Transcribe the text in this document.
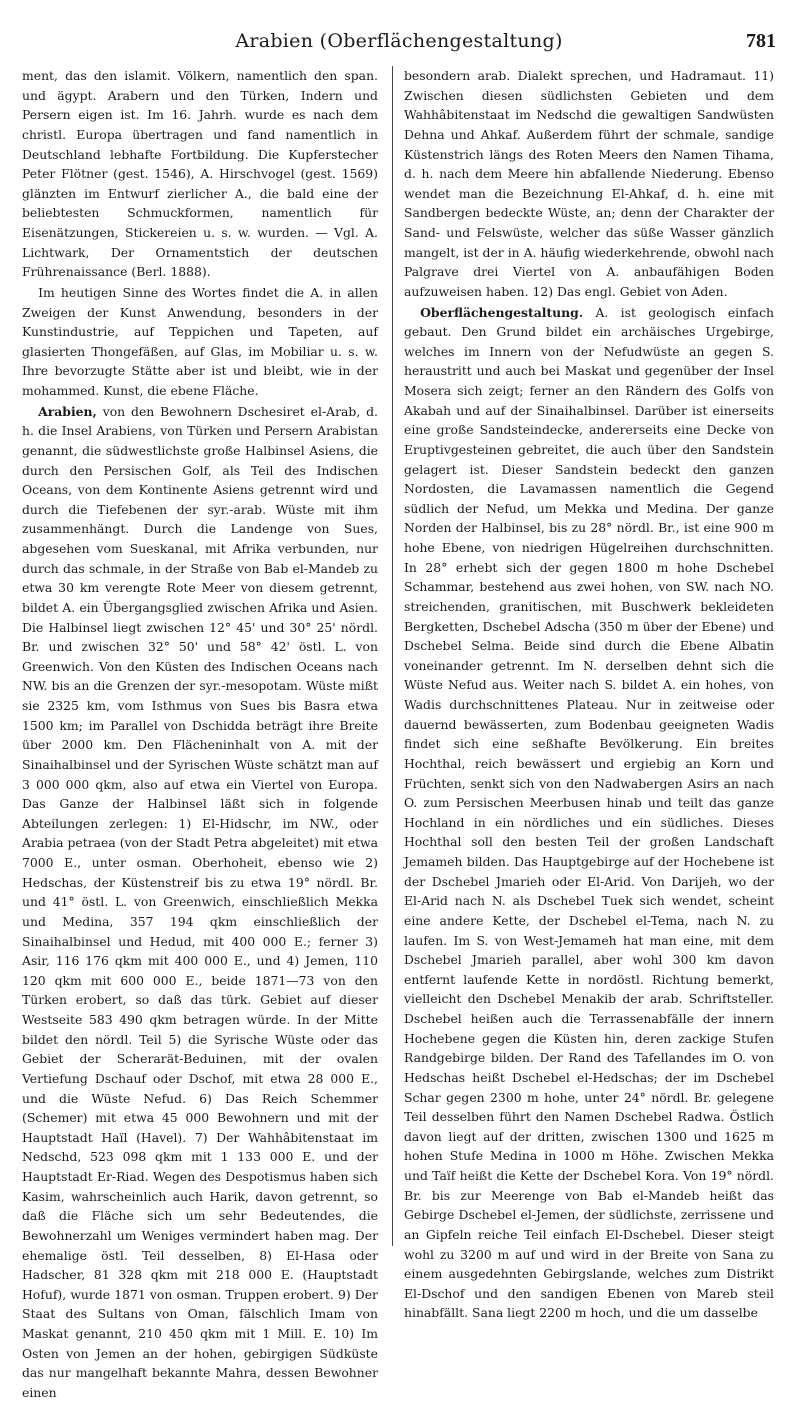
Arabien (Oberflächengestaltung)	781

ment, das den islamit. Völkern, namentlich den span. und ägypt. Arabern und den Türken, Indern und Persern eigen ist. Im 16. Jahrh. wurde es nach dem christl. Europa übertragen und fand namentlich in Deutschland lebhafte Fortbildung. Die Kupferstecher Peter Flötner (gest. 1546), A. Hirschvogel (gest. 1569) glänzten im Entwurf zierlicher A., die bald eine der beliebtesten Schmuckformen, namentlich für Eisenätzungen, Stickereien u. s. w. wurden. — Vgl. A. Lichtwark, Der Ornamentstich der deutschen Frührenaissance (Berl. 1888).

Im heutigen Sinne des Wortes findet die A. in allen Zweigen der Kunst Anwendung, besonders in der Kunstindustrie, auf Teppichen und Tapeten, auf glasierten Thongefäßen, auf Glas, im Mobiliar u. s. w. Ihre bevorzugte Stätte aber ist und bleibt, wie in der mohammed. Kunst, die ebene Fläche.

Arabien, von den Bewohnern Dschesiret el-Arab, d. h. die Insel Arabiens, von Türken und Persern Arabistan genannt, die südwestlichste große Halbinsel Asiens, die durch den Persischen Golf, als Teil des Indischen Oceans, von dem Kontinente Asiens getrennt wird und durch die Tiefebenen der syr.-arab. Wüste mit ihm zusammenhängt. Durch die Landenge von Sues, abgesehen vom Sueskanal, mit Afrika verbunden, nur durch das schmale, in der Straße von Bab el-Mandeb zu etwa 30 km verengte Rote Meer von diesem getrennt, bildet A. ein Übergangsglied zwischen Afrika und Asien. Die Halbinsel liegt zwischen 12° 45' und 30° 25' nördl. Br. und zwischen 32° 50' und 58° 42' östl. L. von Greenwich. Von den Küsten des Indischen Oceans nach NW. bis an die Grenzen der syr.-mesopotam. Wüste mißt sie 2325 km, vom Isthmus von Sues bis Basra etwa 1500 km; im Parallel von Dschidda beträgt ihre Breite über 2000 km. Den Flächeninhalt von A. mit der Sinaihalbinsel und der Syrischen Wüste schätzt man auf 3 000 000 qkm, also auf etwa ein Viertel von Europa. Das Ganze der Halbinsel läßt sich in folgende Abteilungen zerlegen: 1) El-Hidschr, im NW., oder Arabia petraea (von der Stadt Petra abgeleitet) mit etwa 7000 E., unter osman. Oberhoheit, ebenso wie 2) Hedschas, der Küstenstreif bis zu etwa 19° nördl. Br. und 41° östl. L. von Greenwich, einschließlich Mekka und Medina, 357 194 qkm einschließlich der Sinaihalbinsel und Hedud, mit 400 000 E.; ferner 3) Asir, 116 176 qkm mit 400 000 E., und 4) Jemen, 110 120 qkm mit 600 000 E., beide 1871—73 von den Türken erobert, so daß das türk. Gebiet auf dieser Westseite 583 490 qkm betragen würde. In der Mitte bildet den nördl. Teil 5) die Syrische Wüste oder das Gebiet der Scherarät-Beduinen, mit der ovalen Vertiefung Dschauf oder Dschof, mit etwa 28 000 E., und die Wüste Nefud. 6) Das Reich Schemmer (Schemer) mit etwa 45 000 Bewohnern und mit der Hauptstadt Haïl (Havel). 7) Der Wahhâbitenstaat im Nedschd, 523 098 qkm mit 1 133 000 E. und der Hauptstadt Er-Riad. Wegen des Despotismus haben sich Kasim, wahrscheinlich auch Harik, davon getrennt, so daß die Fläche sich um sehr Bedeutendes, die Bewohnerzahl um Weniges vermindert haben mag. Der ehemalige östl. Teil desselben, 8) El-Hasa oder Hadscher, 81 328 qkm mit 218 000 E. (Hauptstadt Hofuf), wurde 1871 von osman. Truppen erobert. 9) Der Staat des Sultans von Oman, fälschlich Imam von Maskat genannt, 210 450 qkm mit 1 Mill. E. 10) Im Osten von Jemen an der hohen, gebirgigen Südküste das nur mangelhaft bekannte Mahra, dessen Bewohner einen

besondern arab. Dialekt sprechen, und Hadramaut. 11) Zwischen diesen südlichsten Gebieten und dem Wahhâbitenstaat im Nedschd die gewaltigen Sandwüsten Dehna und Ahkaf. Außerdem führt der schmale, sandige Küstenstrich längs des Roten Meers den Namen Tihama, d. h. nach dem Meere hin abfallende Niederung. Ebenso wendet man die Bezeichnung El-Ahkaf, d. h. eine mit Sandbergen bedeckte Wüste, an; denn der Charakter der Sand- und Felswüste, welcher das süße Wasser gänzlich mangelt, ist der in A. häufig wiederkehrende, obwohl nach Palgrave drei Viertel von A. anbaufähigen Boden aufzuweisen haben. 12) Das engl. Gebiet von Aden.

Oberflächengestaltung. A. ist geologisch einfach gebaut. Den Grund bildet ein archäisches Urgebirge, welches im Innern von der Nefudwüste an gegen S. heraustritt und auch bei Maskat und gegenüber der Insel Mosera sich zeigt; ferner an den Rändern des Golfs von Akabah und auf der Sinaihalbinsel. Darüber ist einerseits eine große Sandsteindecke, andererseits eine Decke von Eruptivgesteinen gebreitet, die auch über den Sandstein gelagert ist. Dieser Sandstein bedeckt den ganzen Nordosten, die Lavamassen namentlich die Gegend südlich der Nefud, um Mekka und Medina. Der ganze Norden der Halbinsel, bis zu 28° nördl. Br., ist eine 900 m hohe Ebene, von niedrigen Hügelreihen durchschnitten. In 28° erhebt sich der gegen 1800 m hohe Dschebel Schammar, bestehend aus zwei hohen, von SW. nach NO. streichenden, granitischen, mit Buschwerk bekleideten Bergketten, Dschebel Adscha (350 m über der Ebene) und Dschebel Selma. Beide sind durch die Ebene Albatin voneinander getrennt. Im N. derselben dehnt sich die Wüste Nefud aus. Weiter nach S. bildet A. ein hohes, von Wadis durchschnittenes Plateau. Nur in zeitweise oder dauernd bewässerten, zum Bodenbau geeigneten Wadis findet sich eine seßhafte Bevölkerung. Ein breites Hochthal, reich bewässert und ergiebig an Korn und Früchten, senkt sich von den Nadwabergen Asirs an nach O. zum Persischen Meerbusen hinab und teilt das ganze Hochland in ein nördliches und ein südliches. Dieses Hochthal soll den besten Teil der großen Landschaft Jemameh bilden. Das Hauptgebirge auf der Hochebene ist der Dschebel Jmarieh oder El-Arid. Von Darijeh, wo der El-Arid nach N. als Dschebel Tuek sich wendet, scheint eine andere Kette, der Dschebel el-Tema, nach N. zu laufen. Im S. von West-Jemameh hat man eine, mit dem Dschebel Jmarieh parallel, aber wohl 300 km davon entfernt laufende Kette in nordöstl. Richtung bemerkt, vielleicht den Dschebel Menakib der arab. Schriftsteller. Dschebel heißen auch die Terrassenabfälle der innern Hochebene gegen die Küsten hin, deren zackige Stufen Randgebirge bilden. Der Rand des Tafellandes im O. von Hedschas heißt Dschebel el-Hedschas; der im Dschebel Schar gegen 2300 m hohe, unter 24° nördl. Br. gelegene Teil desselben führt den Namen Dschebel Radwa. Östlich davon liegt auf der dritten, zwischen 1300 und 1625 m hohen Stufe Medina in 1000 m Höhe. Zwischen Mekka und Taïf heißt die Kette der Dschebel Kora. Von 19° nördl. Br. bis zur Meerenge von Bab el-Mandeb heißt das Gebirge Dschebel el-Jemen, der südlichste, zerrissene und an Gipfeln reiche Teil einfach El-Dschebel. Dieser steigt wohl zu 3200 m auf und wird in der Breite von Sana zu einem ausgedehnten Gebirgslande, welches zum Distrikt El-Dschof und den sandigen Ebenen von Mareb steil hinabfällt. Sana liegt 2200 m hoch, und die um dasselbe
